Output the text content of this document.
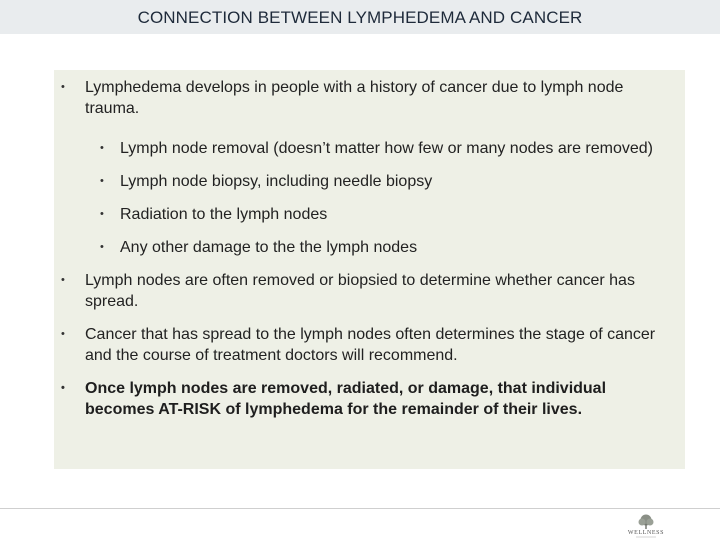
CONNECTION BETWEEN LYMPHEDEMA AND CANCER
• Lymphedema develops in people with a history of cancer due to lymph node trauma.
• Lymph node removal (doesn’t matter how few or many nodes are removed)
• Lymph node biopsy, including needle biopsy
• Radiation to the lymph nodes
• Any other damage to the the lymph nodes
• Lymph nodes are often removed or biopsied to determine whether cancer has spread.
• Cancer that has spread to the lymph nodes often determines the stage of cancer and the course of treatment doctors will recommend.
• Once lymph nodes are removed, radiated, or damage, that individual becomes AT-RISK of lymphedema for the remainder of their lives.
WELLNESS
